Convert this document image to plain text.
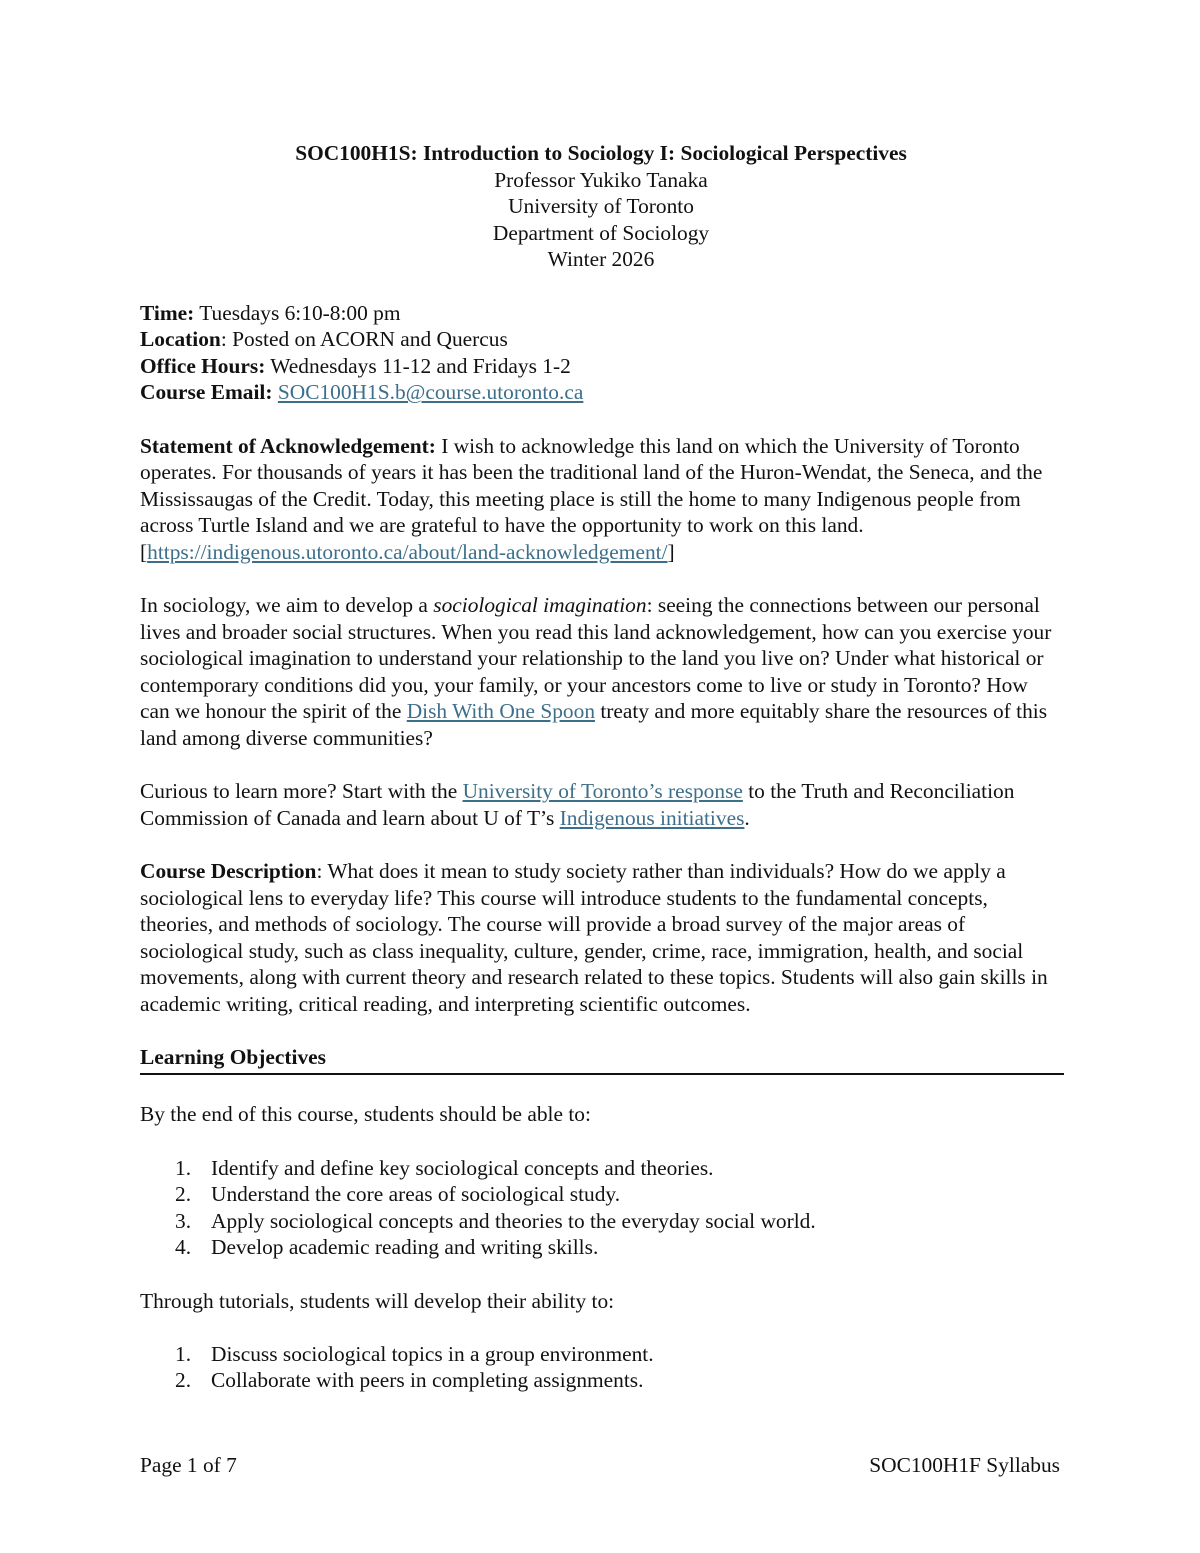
SOC100H1S: Introduction to Sociology I: Sociological Perspectives
Professor Yukiko Tanaka
University of Toronto
Department of Sociology
Winter 2026
Time: Tuesdays 6:10-8:00 pm
Location: Posted on ACORN and Quercus
Office Hours: Wednesdays 11-12 and Fridays 1-2
Course Email: SOC100H1S.b@course.utoronto.ca
Statement of Acknowledgement: I wish to acknowledge this land on which the University of Toronto operates. For thousands of years it has been the traditional land of the Huron-Wendat, the Seneca, and the Mississaugas of the Credit. Today, this meeting place is still the home to many Indigenous people from across Turtle Island and we are grateful to have the opportunity to work on this land. [https://indigenous.utoronto.ca/about/land-acknowledgement/]
In sociology, we aim to develop a sociological imagination: seeing the connections between our personal lives and broader social structures. When you read this land acknowledgement, how can you exercise your sociological imagination to understand your relationship to the land you live on? Under what historical or contemporary conditions did you, your family, or your ancestors come to live or study in Toronto? How can we honour the spirit of the Dish With One Spoon treaty and more equitably share the resources of this land among diverse communities?
Curious to learn more? Start with the University of Toronto’s response to the Truth and Reconciliation Commission of Canada and learn about U of T’s Indigenous initiatives.
Course Description: What does it mean to study society rather than individuals? How do we apply a sociological lens to everyday life? This course will introduce students to the fundamental concepts, theories, and methods of sociology. The course will provide a broad survey of the major areas of sociological study, such as class inequality, culture, gender, crime, race, immigration, health, and social movements, along with current theory and research related to these topics. Students will also gain skills in academic writing, critical reading, and interpreting scientific outcomes.
Learning Objectives
By the end of this course, students should be able to:
1. Identify and define key sociological concepts and theories.
2. Understand the core areas of sociological study.
3. Apply sociological concepts and theories to the everyday social world.
4. Develop academic reading and writing skills.
Through tutorials, students will develop their ability to:
1. Discuss sociological topics in a group environment.
2. Collaborate with peers in completing assignments.
Page 1 of 7	SOC100H1F Syllabus
